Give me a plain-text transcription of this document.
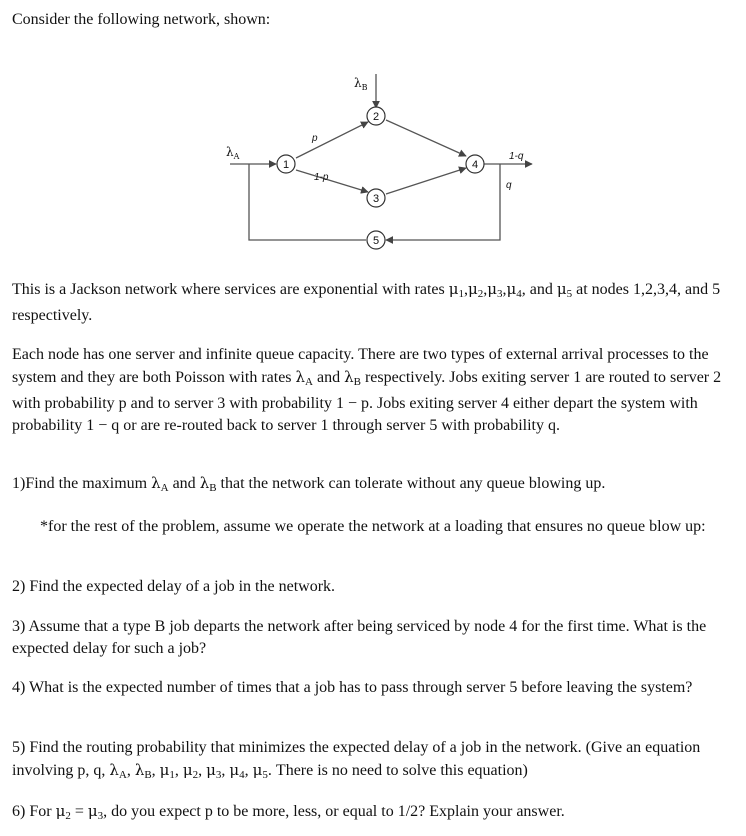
Consider the following network, shown:

$\lambda_A$
$\lambda_B$
p
1-p
1-q
q
1
2
3
4
5

This is a Jackson network where services are exponential with rates $\mu_1,\mu_2,\mu_3,\mu_4$, and $\mu_5$ at nodes 1,2,3,4, and 5 respectively.

Each node has one server and infinite queue capacity. There are two types of external arrival processes to the system and they are both Poisson with rates $\lambda_A$ and $\lambda_B$ respectively. Jobs exiting server 1 are routed to server 2 with probability p and to server 3 with probability 1 − p. Jobs exiting server 4 either depart the system with probability 1 − q or are re-routed back to server 1 through server 5 with probability q.

1)Find the maximum $\lambda_A$ and $\lambda_B$ that the network can tolerate without any queue blowing up.

*for the rest of the problem, assume we operate the network at a loading that ensures no queue blow up:

2) Find the expected delay of a job in the network.

3) Assume that a type B job departs the network after being serviced by node 4 for the first time. What is the expected delay for such a job?

4) What is the expected number of times that a job has to pass through server 5 before leaving the system?

5) Find the routing probability that minimizes the expected delay of a job in the network. (Give an equation involving p, q, $\lambda_A$, $\lambda_B$, $\mu_1$, $\mu_2$, $\mu_3$, $\mu_4$, $\mu_5$. There is no need to solve this equation)

6) For $\mu_2 = \mu_3$, do you expect p to be more, less, or equal to 1/2? Explain your answer.
